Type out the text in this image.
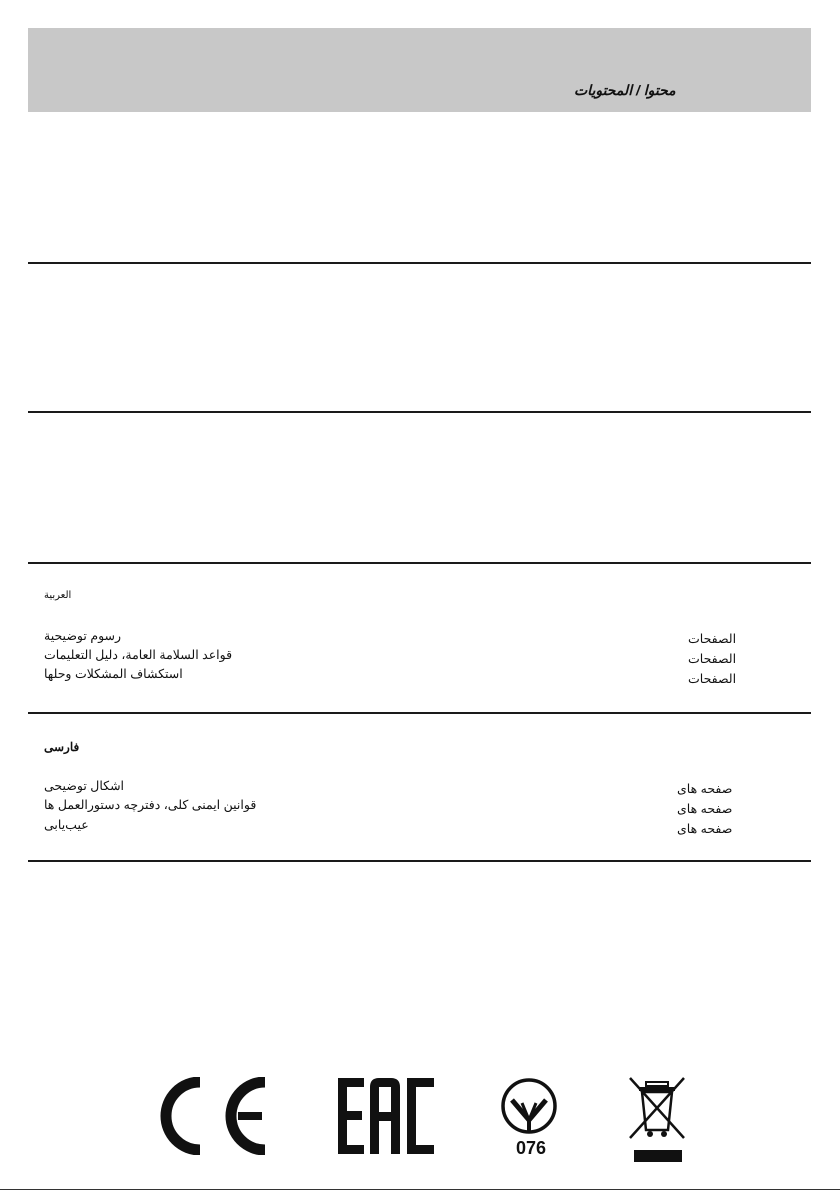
محتوا / المحتويات
العربية
رسوم توضيحية
قواعد السلامة العامة، دليل التعليمات
استكشاف المشكلات وحلها
الصفحات
الصفحات
الصفحات
فارسی
اشکال توضیحی
قوانین ایمنی کلی، دفترچه دستورالعمل ها
عیب‌یابی
صفحه های
صفحه های
صفحه های
076
